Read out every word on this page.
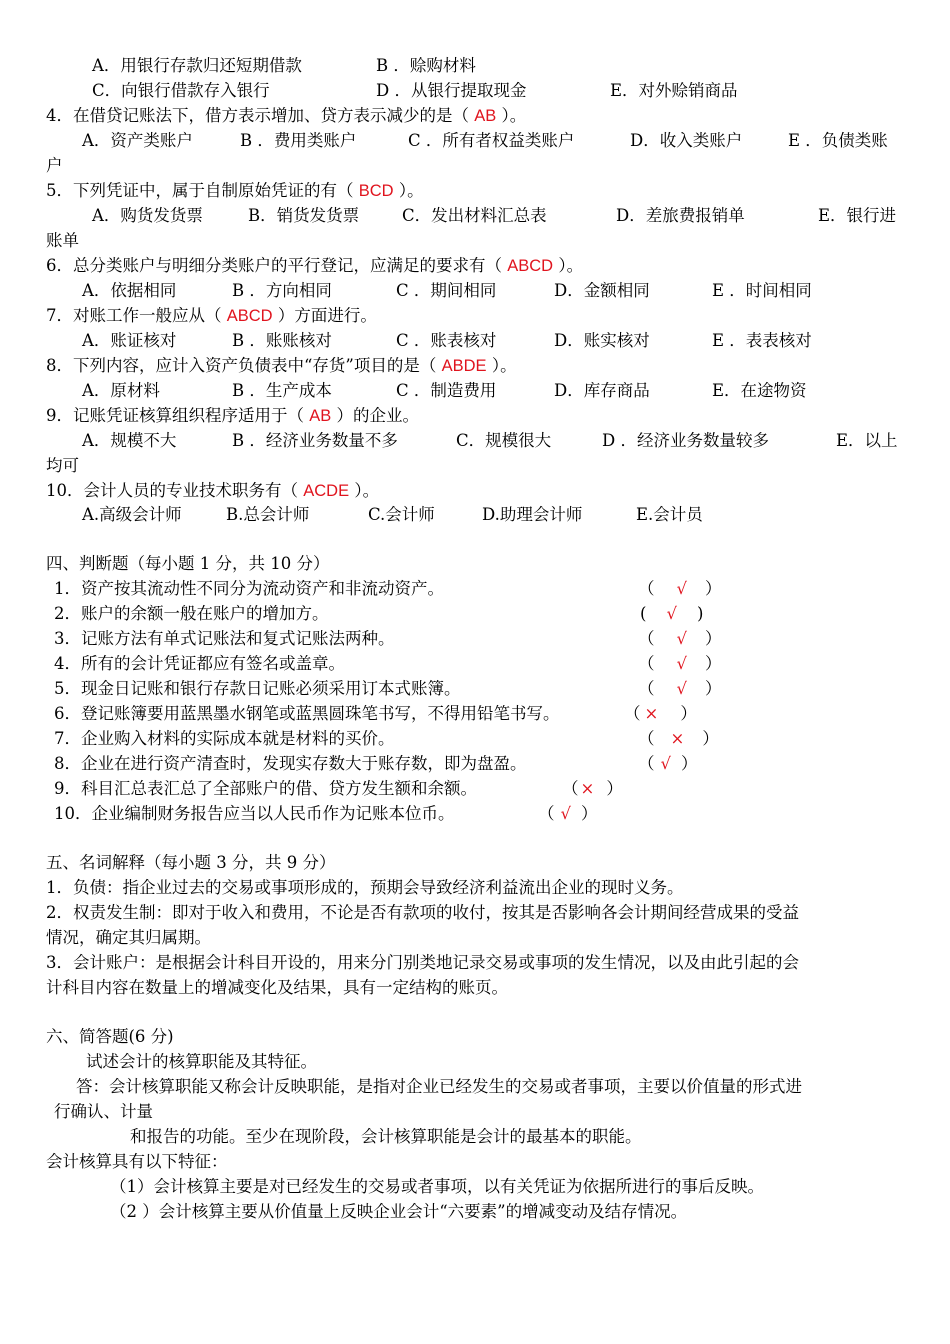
A．用银行存款归还短期借款	B ．赊购材料
C．向银行借款存入银行	D ．从银行提取现金	E．对外赊销商品
4．在借贷记账法下，借方表示增加、贷方表示减少的是（ AB ）。
A．资产类账户	B ．费用类账户	C ．所有者权益类账户	D．收入类账户	E ．负债类账
户
5．下列凭证中，属于自制原始凭证的有（ BCD ）。
A．购货发货票	B．销货发货票	C．发出材料汇总表	D．差旅费报销单	E．银行进
账单
6．总分类账户与明细分类账户的平行登记，应满足的要求有（ ABCD ）。
A．依据相同	B ．方向相同	C ．期间相同	D．金额相同	E ．时间相同
7．对账工作一般应从（ ABCD ）方面进行。
A．账证核对	B ．账账核对	C ．账表核对	D．账实核对	E ．表表核对
8．下列内容，应计入资产负债表中“存货”项目的是（ ABDE ）。
A．原材料	B ．生产成本	C ．制造费用	D．库存商品	E．在途物资
9．记账凭证核算组织程序适用于（ AB ）的企业。
A．规模不大	B ．经济业务数量不多	C．规模很大	D ．经济业务数量较多	E．以上
均可
10．会计人员的专业技术职务有（ ACDE ）。
A.高级会计师	B.总会计师	C.会计师	D.助理会计师	E.会计员
四、判断题（每小题 1 分，共 10 分）
1．资产按其流动性不同分为流动资产和非流动资产。	（ √ ）
2．账户的余额一般在账户的增加方。	( √ )
3．记账方法有单式记账法和复式记账法两种。	（ √ ）
4．所有的会计凭证都应有签名或盖章。	（ √ ）
5．现金日记账和银行存款日记账必须采用订本式账簿。	（ √ ）
6．登记账簿要用蓝黑墨水钢笔或蓝黑圆珠笔书写，不得用铅笔书写。	（ × ）
7．企业购入材料的实际成本就是材料的买价。	（ × ）
8．企业在进行资产清查时，发现实存数大于账存数，即为盘盈。	（ √ ）
9．科目汇总表汇总了全部账户的借、贷方发生额和余额。	（ × ）
10．企业编制财务报告应当以人民币作为记账本位币。	（ √ ）
五、名词解释（每小题 3 分，共 9 分）
1．负债：指企业过去的交易或事项形成的，预期会导致经济利益流出企业的现时义务。
2．权责发生制：即对于收入和费用，不论是否有款项的收付，按其是否影响各会计期间经营成果的受益
情况，确定其归属期。
3．会计账户：是根据会计科目开设的，用来分门别类地记录交易或事项的发生情况，以及由此引起的会
计科目内容在数量上的增减变化及结果，具有一定结构的账页。
六、简答题(6 分)
试述会计的核算职能及其特征。
答：会计核算职能又称会计反映职能，是指对企业已经发生的交易或者事项，主要以价值量的形式进
行确认、计量
和报告的功能。至少在现阶段，会计核算职能是会计的最基本的职能。
会计核算具有以下特征：
（1）会计核算主要是对已经发生的交易或者事项，以有关凭证为依据所进行的事后反映。
（2 ）会计核算主要从价值量上反映企业会计“六要素”的增减变动及结存情况。
